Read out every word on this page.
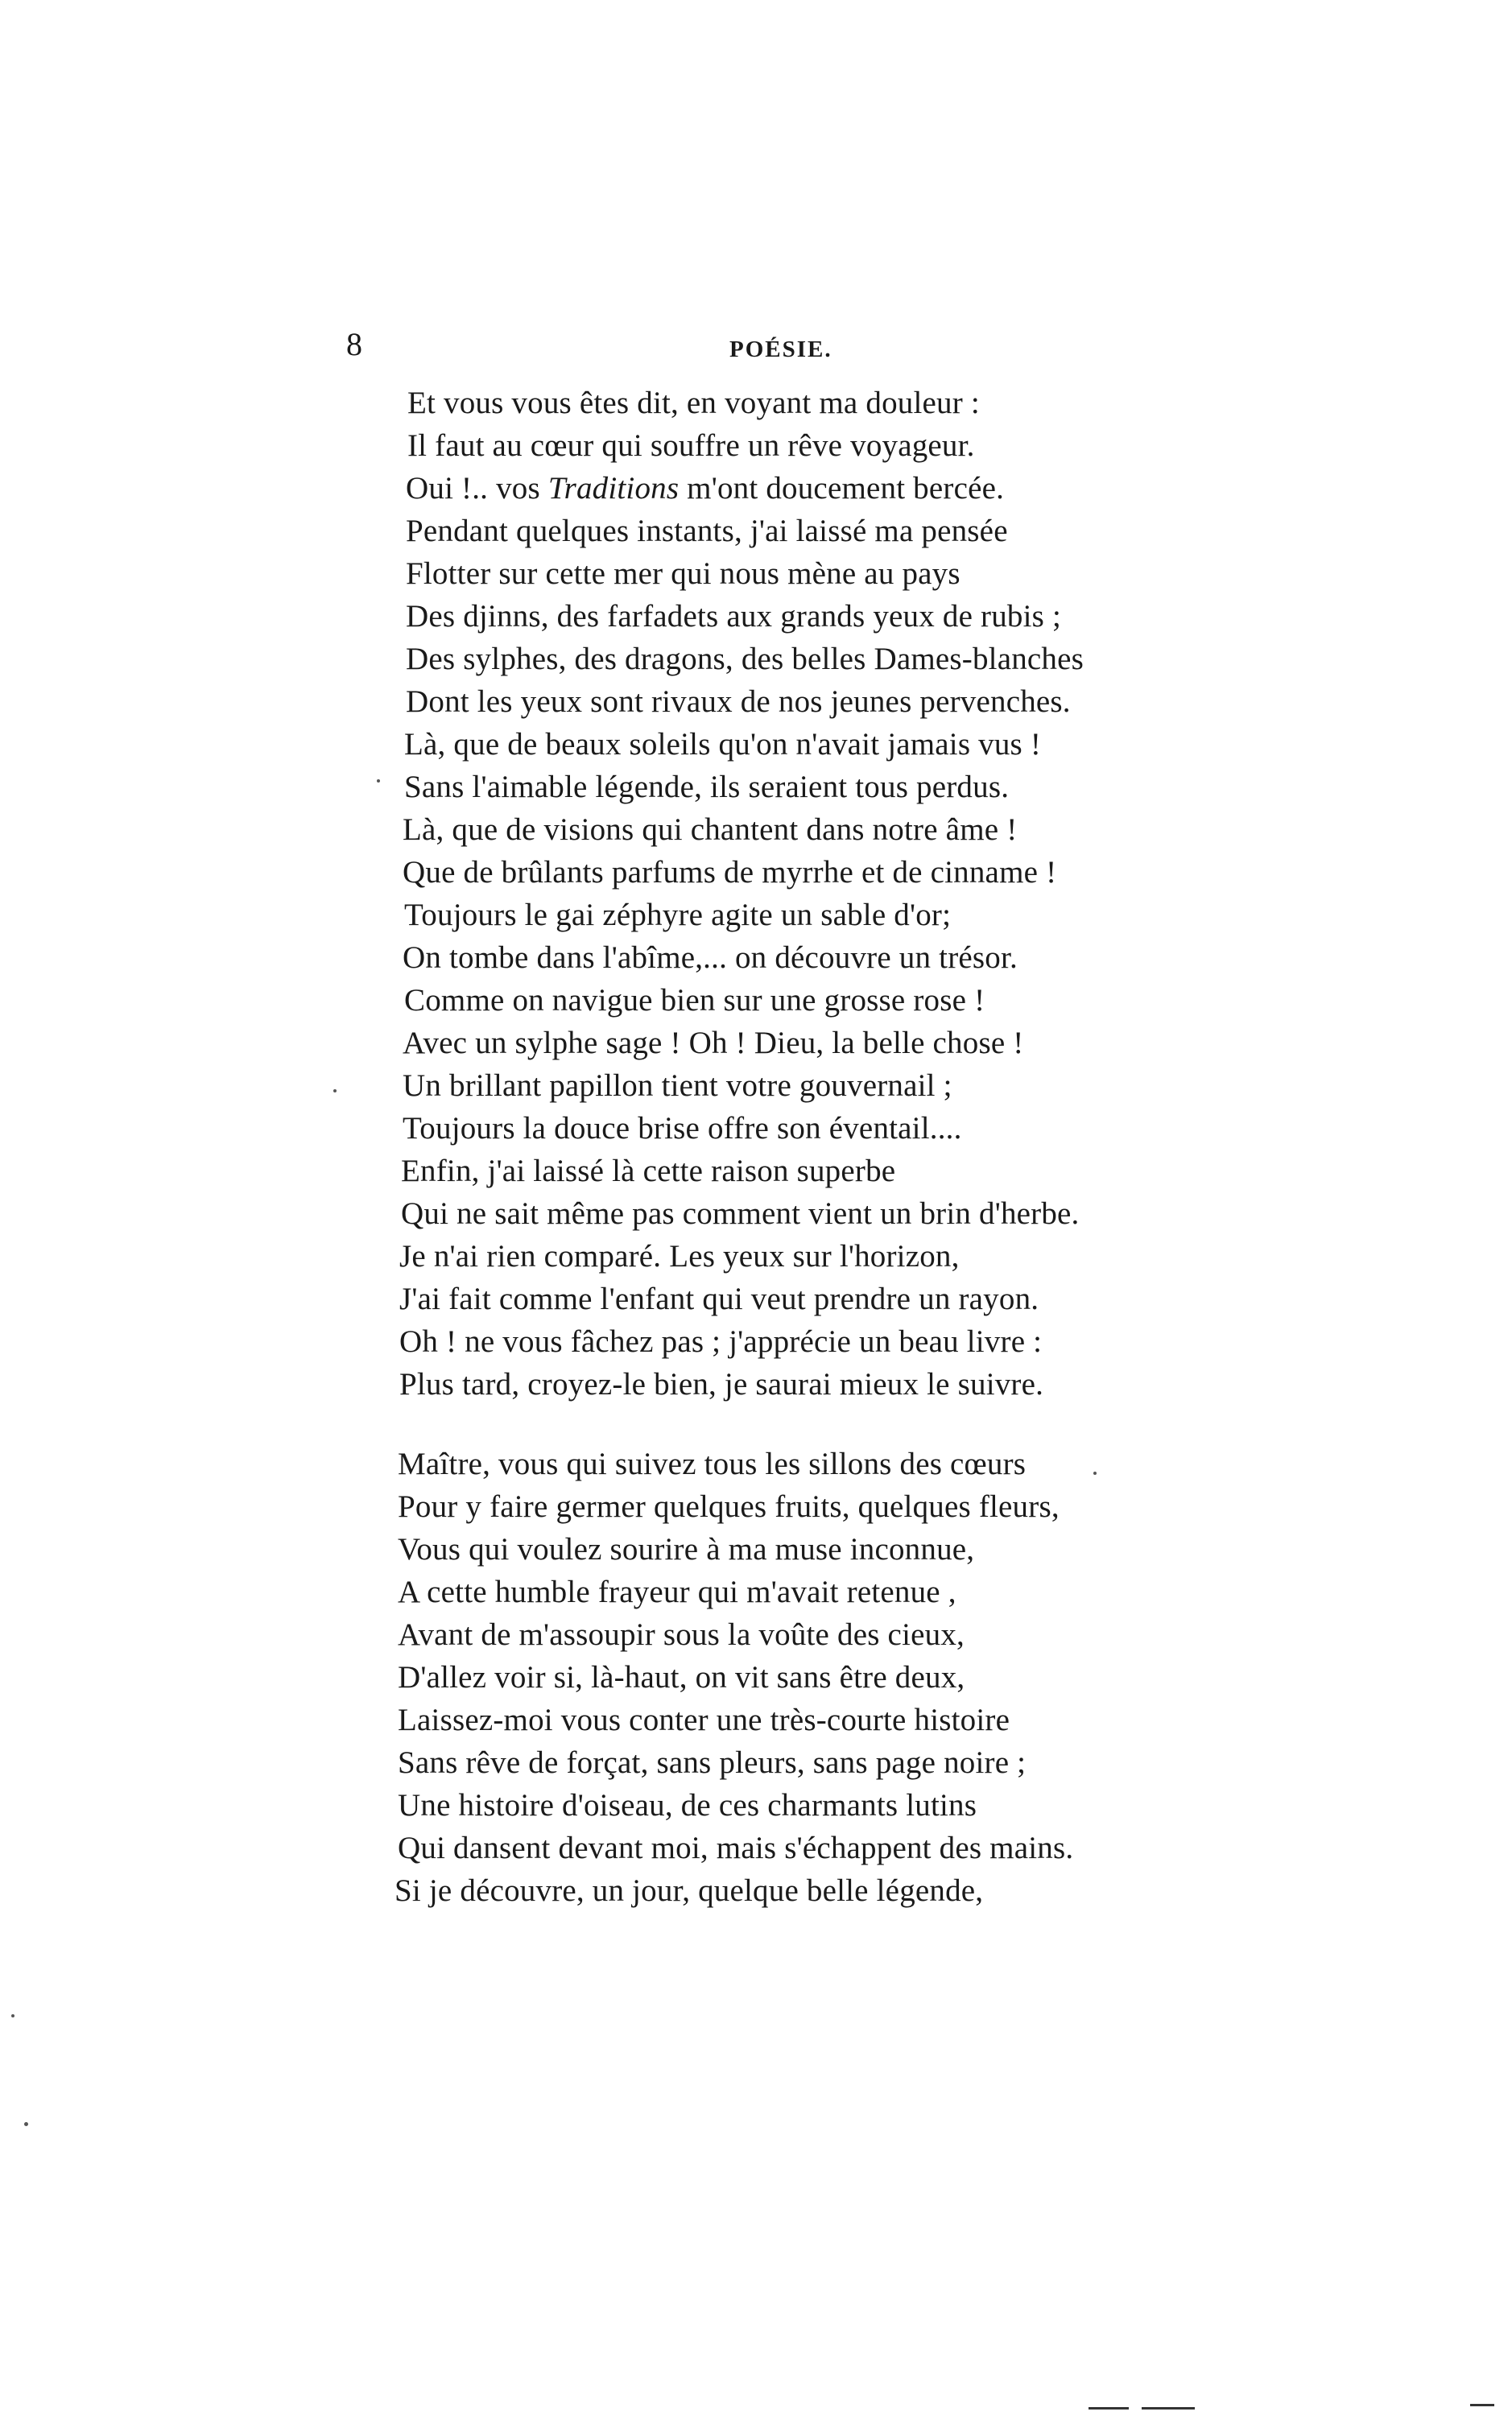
8	POÉSIE.
Et vous vous êtes dit, en voyant ma douleur :
Il faut au cœur qui souffre un rêve voyageur.
Oui !.. vos Traditions m'ont doucement bercée.
Pendant quelques instants, j'ai laissé ma pensée
Flotter sur cette mer qui nous mène au pays
Des djinns, des farfadets aux grands yeux de rubis ;
Des sylphes, des dragons, des belles Dames-blanches
Dont les yeux sont rivaux de nos jeunes pervenches.
Là, que de beaux soleils qu'on n'avait jamais vus !
Sans l'aimable légende, ils seraient tous perdus.
Là, que de visions qui chantent dans notre âme !
Que de brûlants parfums de myrrhe et de cinname !
Toujours le gai zéphyre agite un sable d'or;
On tombe dans l'abîme,... on découvre un trésor.
Comme on navigue bien sur une grosse rose !
Avec un sylphe sage ! Oh ! Dieu, la belle chose !
Un brillant papillon tient votre gouvernail ;
Toujours la douce brise offre son éventail....
Enfin, j'ai laissé là cette raison superbe
Qui ne sait même pas comment vient un brin d'herbe.
Je n'ai rien comparé. Les yeux sur l'horizon,
J'ai fait comme l'enfant qui veut prendre un rayon.
Oh ! ne vous fâchez pas ; j'apprécie un beau livre :
Plus tard, croyez-le bien, je saurai mieux le suivre.
Maître, vous qui suivez tous les sillons des cœurs
Pour y faire germer quelques fruits, quelques fleurs,
Vous qui voulez sourire à ma muse inconnue,
A cette humble frayeur qui m'avait retenue ,
Avant de m'assoupir sous la voûte des cieux,
D'allez voir si, là-haut, on vit sans être deux,
Laissez-moi vous conter une très-courte histoire
Sans rêve de forçat, sans pleurs, sans page noire ;
Une histoire d'oiseau, de ces charmants lutins
Qui dansent devant moi, mais s'échappent des mains.
Si je découvre, un jour, quelque belle légende,
